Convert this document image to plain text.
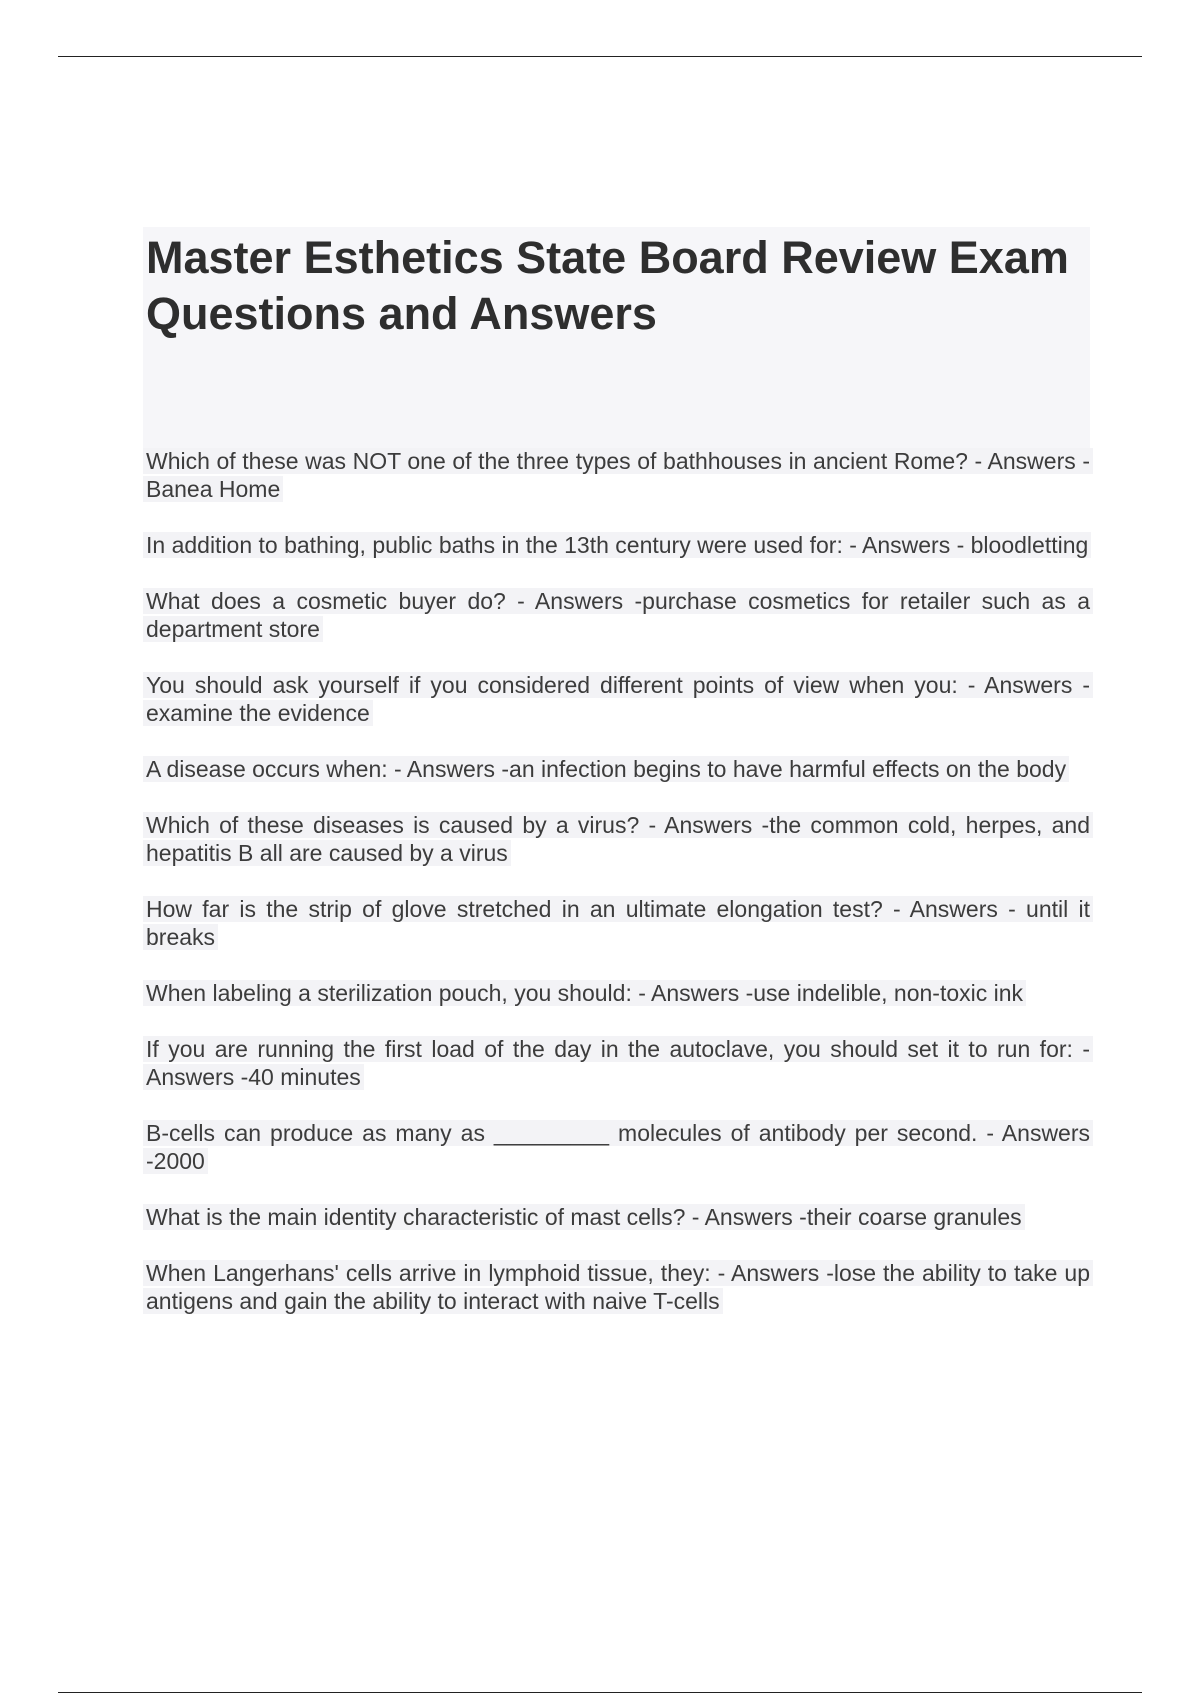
Master Esthetics State Board Review Exam Questions and Answers
Which of these was NOT one of the three types of bathhouses in ancient Rome? - Answers -Banea Home
In addition to bathing, public baths in the 13th century were used for: - Answers - bloodletting
What does a cosmetic buyer do? - Answers -purchase cosmetics for retailer such as a department store
You should ask yourself if you considered different points of view when you: - Answers -examine the evidence
A disease occurs when: - Answers -an infection begins to have harmful effects on the body
Which of these diseases is caused by a virus? - Answers -the common cold, herpes, and hepatitis B all are caused by a virus
How far is the strip of glove stretched in an ultimate elongation test? - Answers - until it breaks
When labeling a sterilization pouch, you should: - Answers -use indelible, non-toxic ink
If you are running the first load of the day in the autoclave, you should set it to run for: - Answers -40 minutes
B-cells can produce as many as _________ molecules of antibody per second. - Answers -2000
What is the main identity characteristic of mast cells? - Answers -their coarse granules
When Langerhans' cells arrive in lymphoid tissue, they: - Answers -lose the ability to take up antigens and gain the ability to interact with naive T-cells
